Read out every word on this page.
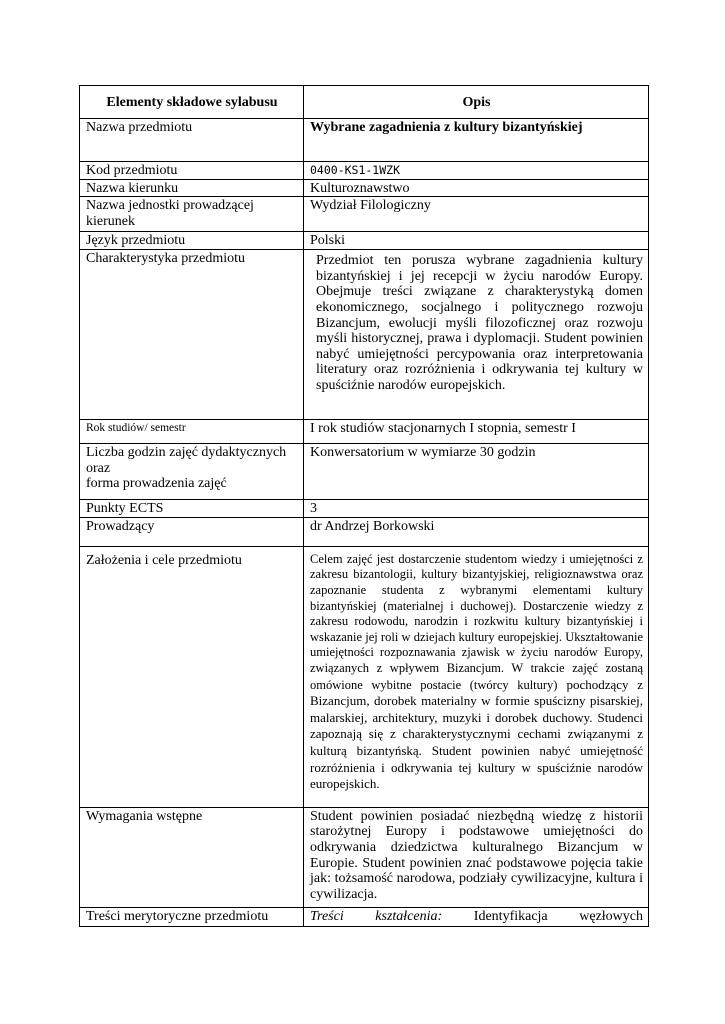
Elementy składowe sylabusu	Opis
Nazwa przedmiotu	Wybrane zagadnienia z kultury bizantyńskiej
Kod przedmiotu	0400-KS1-1WZK
Nazwa kierunku	Kulturoznawstwo
Nazwa jednostki prowadzącej kierunek	Wydział Filologiczny
Język przedmiotu	Polski
Charakterystyka przedmiotu	Przedmiot ten porusza wybrane zagadnienia kultury bizantyńskiej i jej recepcji w życiu narodów Europy. Obejmuje treści związane z charakterystyką domen ekonomicznego, socjalnego i politycznego rozwoju Bizancjum, ewolucji myśli filozoficznej oraz rozwoju myśli historycznej, prawa i dyplomacji. Student powinien nabyć umiejętności percypowania oraz interpretowania literatury oraz rozróżnienia i odkrywania tej kultury w spuściźnie narodów europejskich.
Rok studiów/ semestr	I rok studiów stacjonarnych I stopnia, semestr I

Liczba godzin zajęć dydaktycznych
oraz
forma prowadzenia zajęć	Konwersatorium w wymiarze 30 godzin
Punkty ECTS	3
Prowadzący	dr Andrzej Borkowski
Założenia i cele przedmiotu	Celem zajęć jest dostarczenie studentom wiedzy i umiejętności z zakresu bizantologii, kultury bizantyjskiej, religioznawstwa oraz zapoznanie studenta z wybranymi elementami kultury bizantyńskiej (materialnej i duchowej). Dostarczenie wiedzy z zakresu rodowodu, narodzin i rozkwitu kultury bizantyńskiej i wskazanie jej roli w dziejach kultury europejskiej. Ukształtowanie umiejętności rozpoznawania zjawisk w życiu narodów Europy, związanych z wpływem Bizancjum. W trakcie zajęć zostaną omówione wybitne postacie (twórcy kultury) pochodzący z Bizancjum, dorobek materialny w formie spuścizny pisarskiej, malarskiej, architektury, muzyki i dorobek duchowy. Studenci zapoznają się z charakterystycznymi cechami związanymi z kulturą bizantyńską. Student powinien nabyć umiejętność rozróżnienia i odkrywania tej kultury w spuściźnie narodów europejskich.
Wymagania wstępne	Student powinien posiadać niezbędną wiedzę z historii starożytnej Europy i podstawowe umiejętności do odkrywania dziedzictwa kulturalnego Bizancjum w Europie. Student powinien znać podstawowe pojęcia takie jak: tożsamość narodowa, podziały cywilizacyjne, kultura i cywilizacja.
Treści merytoryczne przedmiotu	Treści kształcenia: Identyfikacja węzłowych
